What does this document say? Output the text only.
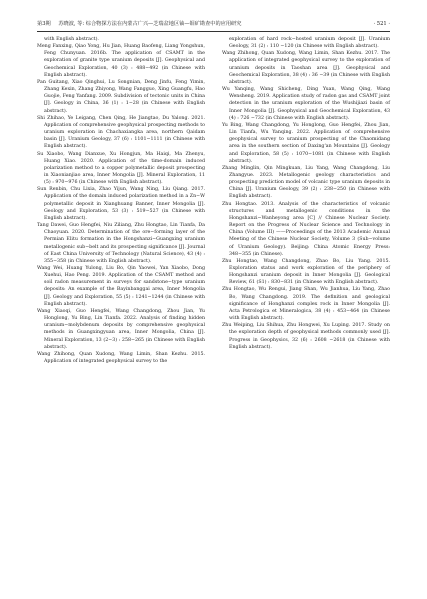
第3期 苏晓波, 等: 综合物探方法在内蒙古广兴—芝瑞盆地区铀—钼矿勘查中的应用研究	· 521 ·
with English abstract).
Meng Fanxing, Qiao Yong, Hu Jian, Huang Baofeng, Liang Yongshun, Feng Chunyuan. 2016b. The application of CSAMT in the exploration of granite type uranium deposits [J]. Geophysical and Geochemical Exploration, 40 (3) : 488−492 (in Chinese with English abstract).
Pan Guitang, Xiao Qinghui, Lu Songnian, Deng Jinfu, Feng Yimin, Zhang Kexin, Zhang Zhiyong, Wang Fangguo, Xing Guangfu, Hao Guojie, Feng Yanfang. 2009. Subdivision of tectonic units in China [J]. Geology in China, 36 (1) : 1−28 (in Chinese with English abstract).
Shi Zhihao, Ye Leigang, Chen Qing, He Jiangtao, Du Yalong. 2021. Application of comprehensive geophysical prospecting methods to uranium exploration in Chachaxiangka area, northern Qaidam basin [J]. Uranium Geology, 37 (6) : 1101−1111 (in Chinese with English abstract).
Su Xiaobo, Wang Dianxue, Xu Hongjun, Ma Haiqi, Ma Zhenyu, Huang Xiao. 2020. Application of the time-domain induced polarization method to a copper polymetallic deposit prospecting in Xiaonianjiao area, Inner Mongolia [J]. Mineral Exploration, 11 (5) : 970−976 (in Chinese with English abstract).
Sun Renbin, Chu Lixia, Zhao Yijun, Wang Ning, Liu Qiang. 2017. Application of the domain induced polarization method in a Zn−W polymetallic deposit in Xianghuang Banner, Inner Mongolia [J]. Geology and Exploration, 53 (3) : 519−527 (in Chinese with English abstract).
Tang Dawei, Guo Hengfei, Niu Ziliang, Zhu Hongtao, Lin Tianfa, Da Chaoyuan. 2020. Determination of the ore−forming layer of the Permian Elitu formation in the Hongshanzi−Guangxing uranium metallogenic sub−belt and its prospecting significance [J]. Journal of East China University of Technology (Natural Science), 43 (4) : 355−358 (in Chinese with English abstract).
Wang Wei, Huang Yulong, Liu Bo, Qin Yaowei, Yan Xiaobo, Dong Xuehui, Hao Peng. 2019. Application of the CSAMT method and soil radon measurement in surveys for sandstone−type uranium deposits: An example of the Bayinbanggai area, Inner Mongolia [J]. Geology and Exploration, 55 (5) : 1241−1244 (in Chinese with English abstract).
Wang Xiaoqi, Guo Hengfei, Wang Changdong, Zhou Jian, Yu Honglong, Yu Bing, Lin Tianfa. 2022. Analysis of finding hidden uranium−molybdenum deposits by comprehensive geophysical methods in Guangxingyuan area, Inner Mongolia, China [J]. Mineral Exploration, 13 (2−3) : 258−265 (in Chinese with English abstract).
Wang Zhihong, Quan Xudong, Wang Limin, Shan Kezhu. 2015. Application of integrated geophysical survey to the
exploration of hard rock−hosted uranium deposit [J]. Uranium Geology, 31 (2) : 110 −120 (in Chinese with English abstract).
Wang Zhihong, Quan Xudong, Wang Limin, Shan Kezhu. 2017. The application of integrated geophysical survey to the exploration of uranium deposits in Taoshan area [J]. Geophysical and Geochemical Exploration, 38 (4) : 36 −39 (in Chinese with English abstract).
Wu Yanqing, Wang Shicheng, Ding Yuan, Wang Qing, Wang Wensheng. 2019. Application study of radon gas and CSAMT joint detection in the uranium exploration of the Wushijiazi basin of Inner Mongolia [J]. Geophysical and Geochemical Exploration, 43 (4) : 726 −732 (in Chinese with English abstract).
Yu Bing, Wang Changdong, Yu Honglong, Guo Hengfei, Zhou Jian, Lin Tianfa, Wu Yanqing. 2022. Application of comprehensive geophysical survey to uranium prospecting of the Chaomidang area in the southern section of Daxing'an Mountains [J]. Geology and Exploration, 58 (5) : 1070−1081 (in Chinese with English abstract).
Zhang Minglin, Qin Mingkuan, Liu Yang, Wang Changdong, Liu Zhangyue. 2023. Metallogenic geology characteristics and prospecting prediction model of volcanic type uranium deposits in China [J]. Uranium Geology, 39 (2) : 238−250 (in Chinese with English abstract).
Zhu Hongtao. 2013. Analysis of the characteristics of volcanic structures and metallogenic conditions in the Hongshanzi−Wanheyong area [C] // Chinese Nuclear Society. Report on the Progress of Nuclear Science and Technology in China (Volume III) ——Proceedings of the 2013 Academic Annual Meeting of the Chinese Nuclear Society, Volume 3 (Sub−volume of Uranium Geology). Beijing: China Atomic Energy Press: 348−355 (in Chinese).
Zhu Hongtao, Wang Changdong, Zhao Bo, Liu Yang. 2015. Exploration status and work exploration of the periphery of Hongshanzi uranium deposit in Inner Mongolia [J]. Geological Review, 61 (S1) : 830−831 (in Chinese with English abstract).
Zhu Hongtao, Wu Rengui, Jiang Shan, Wu Jianhua, Liu Yang, Zhao Bo, Wang Changdong. 2019. The definition and geological significance of Honghanzi complex rock in Inner Mongolia [J]. Acta Petrologica et Mineralogica, 38 (4) : 453−464 (in Chinese with English abstract).
Zhu Weiping, Liu Shihua, Zhu Hongwei, Xu Luping. 2017. Study on the exploration depth of geophysical methods commonly used [J]. Progress in Geophysics, 32 (6) : 2608 −2618 (in Chinese with English abstract).
